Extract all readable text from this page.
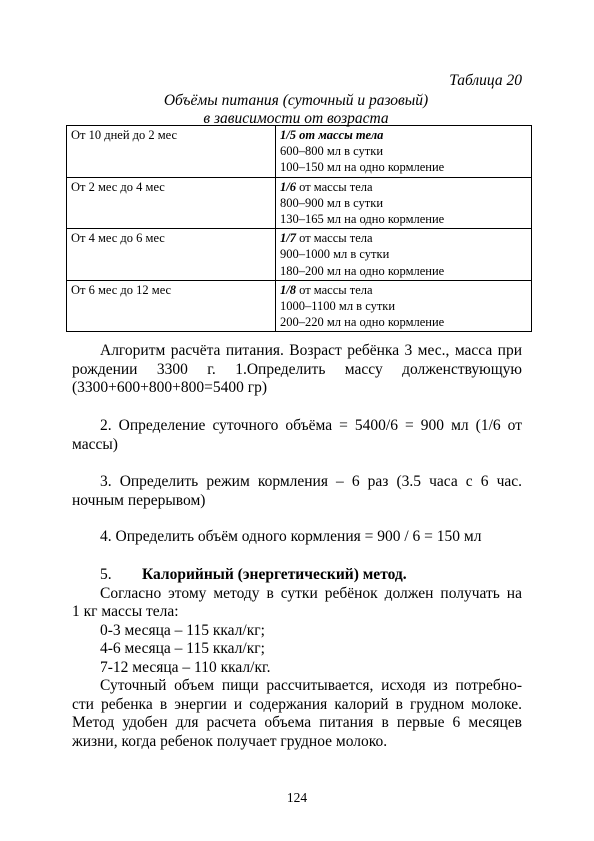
Таблица 20
Объёмы питания (суточный и разовый)
в зависимости от возраста
От 10 дней до 2 мес	1/5 от массы тела
600–800 мл в сутки
100–150 мл на одно кормление

От 2 мес до 4 мес	1/6 от массы тела
800–900 мл в сутки
130–165 мл на одно кормление

От 4 мес до 6 мес	1/7 от массы тела
900–1000 мл в сутки
180–200 мл на одно кормление

От 6 мес до 12 мес	1/8 от массы тела
1000–1100 мл в сутки
200–220 мл на одно кормление
Алгоритм расчёта питания. Возраст ребёнка 3 мес., масса при
рождении 3300 г. 1.Определить массу долженствующую
(3300+600+800+800=5400 гр)
2. Определение суточного объёма = 5400/6 = 900 мл (1/6 от
массы)
3. Определить режим кормления – 6 раз (3.5 часа с 6 час.
ночным перерывом)
4. Определить объём одного кормления = 900 / 6 = 150 мл
5. Калорийный (энергетический) метод.
Согласно этому методу в сутки ребёнок должен получать на
1 кг массы тела:
0-3 месяца – 115 ккал/кг;
4-6 месяца – 115 ккал/кг;
7-12 месяца – 110 ккал/кг.
Суточный объем пищи рассчитывается, исходя из потребно-
сти ребенка в энергии и содержания калорий в грудном молоке.
Метод удобен для расчета объема питания в первые 6 месяцев
жизни, когда ребенок получает грудное молоко.
124
